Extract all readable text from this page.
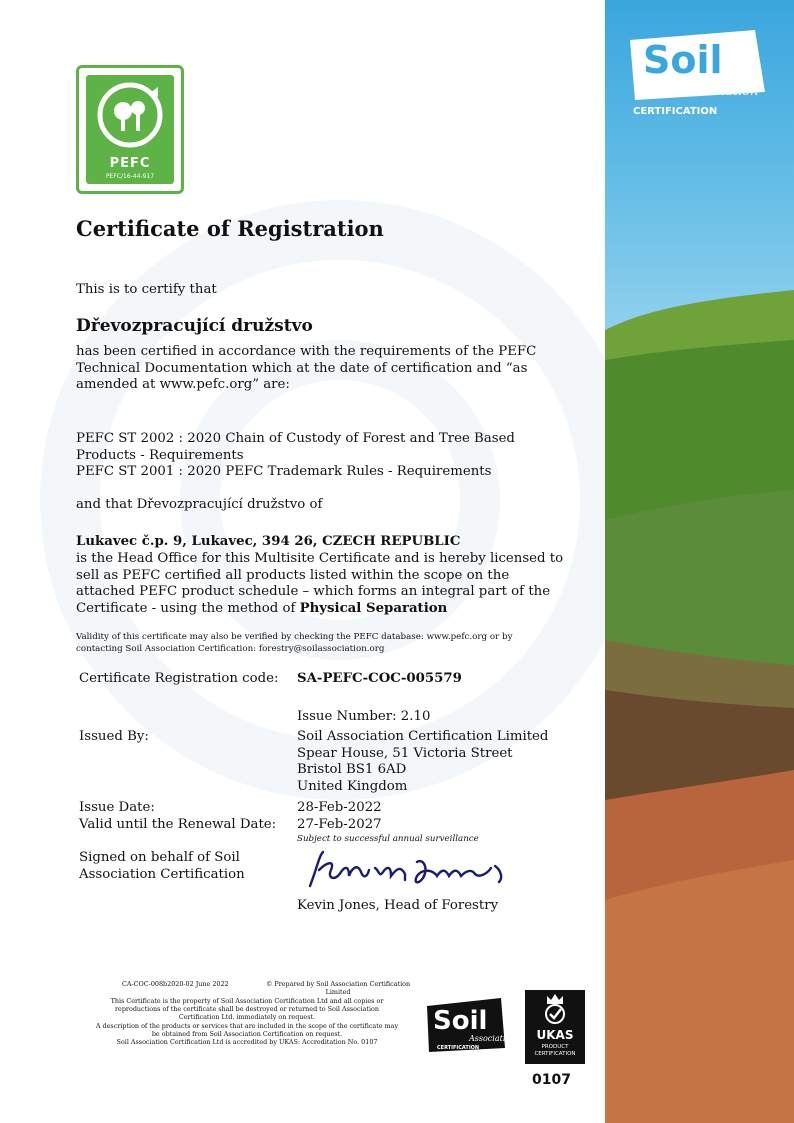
Soil
Association
CERTIFICATION
PEFC
PEFC/16-44-917
Certificate of Registration
This is to certify that
Dřevozpracující družstvo
has been certified in accordance with the requirements of the PEFC
Technical Documentation which at the date of certification and “as
amended at www.pefc.org” are:
PEFC ST 2002 : 2020 Chain of Custody of Forest and Tree Based
Products - Requirements
PEFC ST 2001 : 2020 PEFC Trademark Rules - Requirements
and that Dřevozpracující družstvo of
Lukavec č.p. 9, Lukavec, 394 26, CZECH REPUBLIC
is the Head Office for this Multisite Certificate and is hereby licensed to
sell as PEFC certified all products listed within the scope on the
attached PEFC product schedule – which forms an integral part of the
Certificate - using the method of Physical Separation
Validity of this certificate may also be verified by checking the PEFC database: www.pefc.org or by
contacting Soil Association Certification: forestry@soilassociation.org
Certificate Registration code: SA-PEFC-COC-005579
Issue Number: 2.10
Issued By:	Soil Association Certification Limited
Spear House, 51 Victoria Street
Bristol BS1 6AD
United Kingdom
Issue Date:	28-Feb-2022
Valid until the Renewal Date: 27-Feb-2027
Subject to successful annual surveillance
Signed on behalf of Soil
Association Certification
Kevin Jones, Head of Forestry
CA-COC-008b2020-02 June 2022	© Prepared by Soil Association Certification
Limited
This Certificate is the property of Soil Association Certification Ltd and all copies or
reproductions of the certificate shall be destroyed or returned to Soil Association
Certification Ltd. immediately on request.
A description of the products or services that are included in the scope of the certificate may
be obtained from Soil Association Certification on request.
Soil Association Certification Ltd is accredited by UKAS: Accreditation No. 0107
Soil
Association
CERTIFICATION
UKAS
PRODUCT
CERTIFICATION
0107
